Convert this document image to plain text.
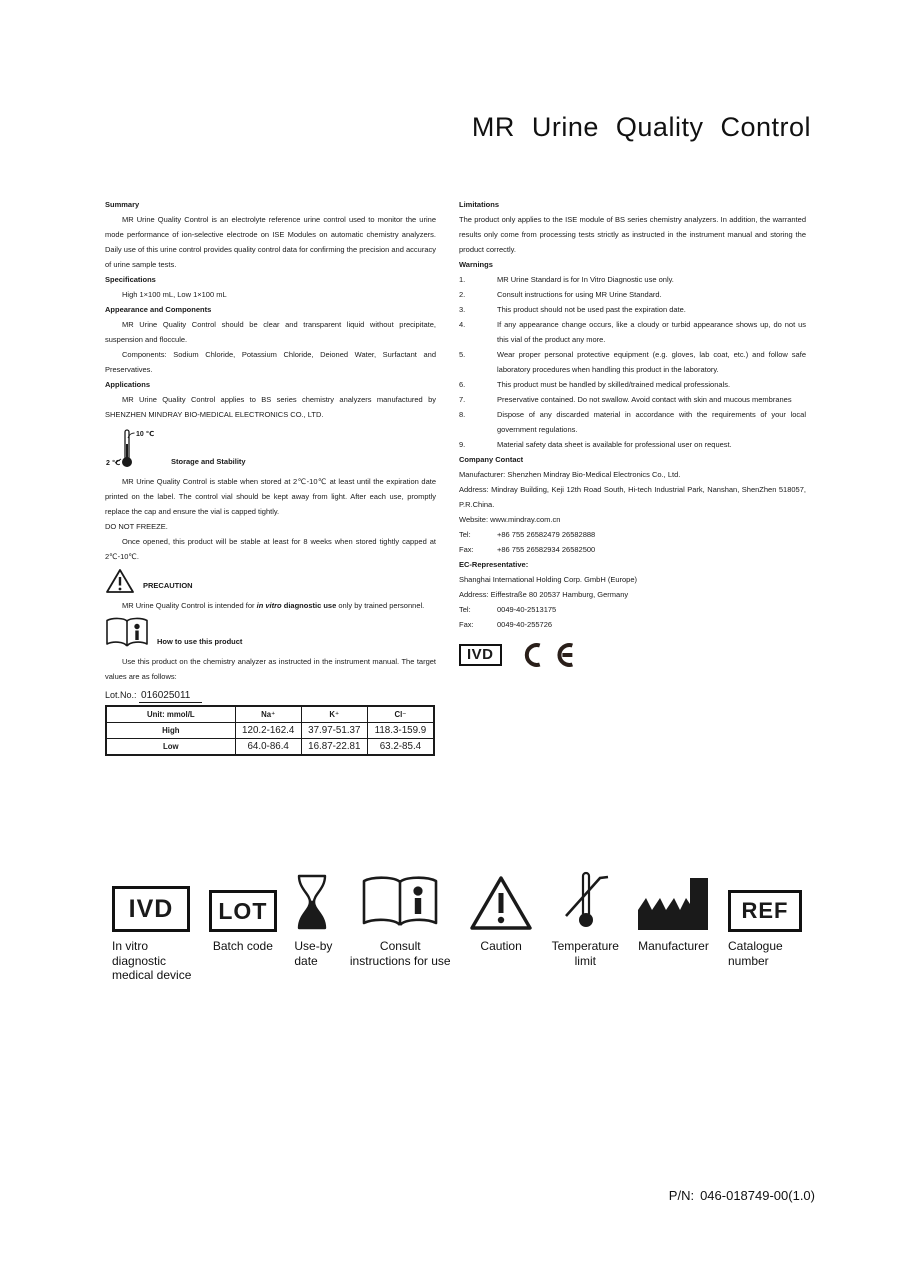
MR Urine Quality Control

Summary

MR Urine Quality Control is an electrolyte reference urine control used to monitor the urine mode performance of ion-selective electrode on ISE Modules on automatic chemistry analyzers. Daily use of this urine control provides quality control data for confirming the precision and accuracy of urine sample tests.

Specifications

High 1×100 mL, Low 1×100 mL

Appearance and Components

MR Urine Quality Control should be clear and transparent liquid without precipitate, suspension and floccule.

Components: Sodium Chloride, Potassium Chloride, Deioned Water, Surfactant and Preservatives.

Applications

MR Urine Quality Control applies to BS series chemistry analyzers manufactured by SHENZHEN MINDRAY BIO-MEDICAL ELECTRONICS CO., LTD.

10 ℃
2 ℃	Storage and Stability

MR Urine Quality Control is stable when stored at 2℃-10℃ at least until the expiration date printed on the label. The control vial should be kept away from light. After each use, promptly replace the cap and ensure the vial is capped tightly.

DO NOT FREEZE.

Once opened, this product will be stable at least for 8 weeks when stored tightly capped at 2℃-10℃.

PRECAUTION

MR Urine Quality Control is intended for in vitro diagnostic use only by trained personnel.

How to use this product

Use this product on the chemistry analyzer as instructed in the instrument manual. The target values are as follows:

Lot.No.: 016025011
Unit: mmol/L	Na⁺	K⁺	Cl⁻
High	120.2-162.4	37.97-51.37	118.3-159.9
Low	64.0-86.4	16.87-22.81	63.2-85.4

Limitations

The product only applies to the ISE module of BS series chemistry analyzers. In addition, the warranted results only come from processing tests strictly as instructed in the instrument manual and storing the product correctly.

Warnings

1.	MR Urine Standard is for In Vitro Diagnostic use only.
2.	Consult instructions for using MR Urine Standard.
3.	This product should not be used past the expiration date.
4.	If any appearance change occurs, like a cloudy or turbid appearance shows up, do not us this vial of the product any more.
5.	Wear proper personal protective equipment (e.g. gloves, lab coat, etc.) and follow safe laboratory procedures when handling this product in the laboratory.
6.	This product must be handled by skilled/trained medical professionals.
7.	Preservative contained. Do not swallow. Avoid contact with skin and mucous membranes
8.	Dispose of any discarded material in accordance with the requirements of your local government regulations.
9.	Material safety data sheet is available for professional user on request.

Company Contact

Manufacturer: Shenzhen Mindray Bio-Medical Electronics Co., Ltd.

Address: Mindray Building, Keji 12th Road South, Hi-tech Industrial Park, Nanshan, ShenZhen 518057, P.R.China.

Website: www.mindray.com.cn

Tel:	+86 755 26582479 26582888
Fax:	+86 755 26582934 26582500

EC-Representative:

Shanghai International Holding Corp. GmbH (Europe)

Address: Eiffestraße 80 20537 Hamburg, Germany

Tel:	0049-40-2513175
Fax:	0049-40-255726
IVD
IVD
In vitro
diagnostic
medical device
LOT
Batch code Use-by
date
Consult
instructions for use
Caution Temperature
limit
Manufacturer
REF
Catalogue
number
P/N: 046-018749-00(1.0)
